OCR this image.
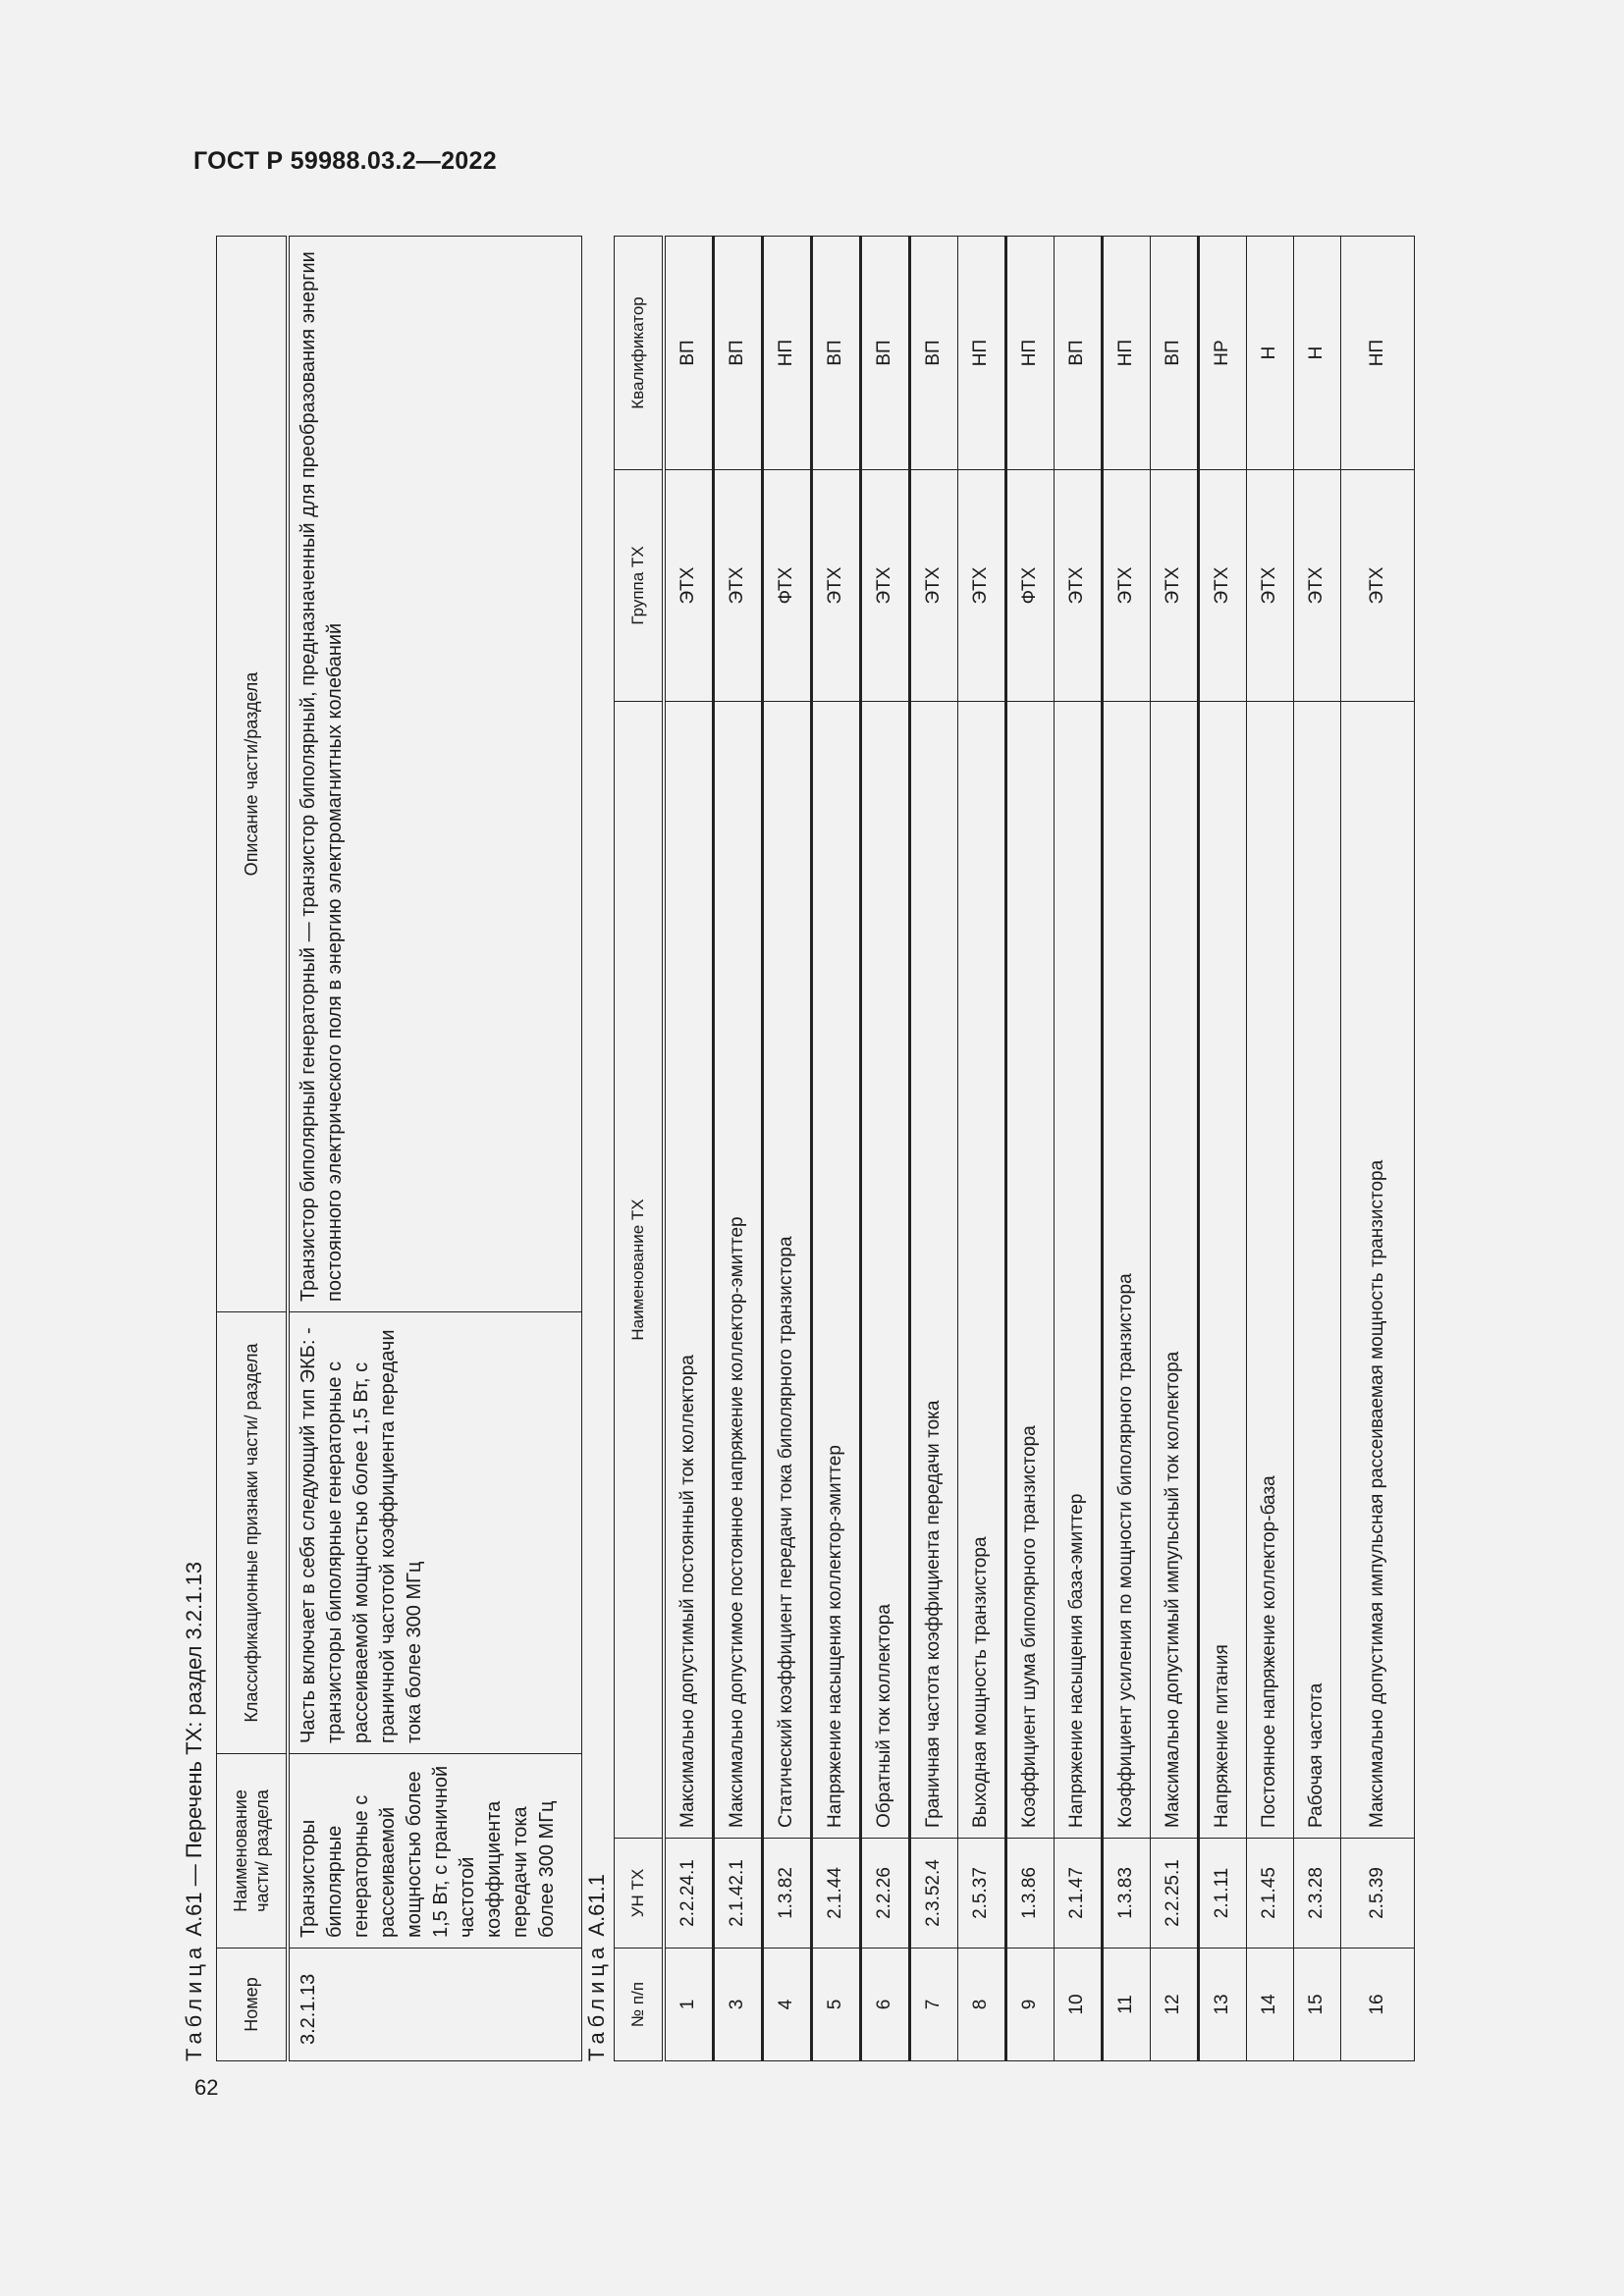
ГОСТ Р 59988.03.2—2022
62
Таблица А.61 — Перечень ТХ: раздел 3.2.1.13
Номер	Наименование части/ раздела	Классификационные признаки части/ раздела	Описание части/раздела
3.2.1.13	Транзисторы биполярные генераторные с рассеиваемой мощностью более 1,5 Вт, с граничной частотой коэффициента передачи тока более 300 МГц	Часть включает в себя следующий тип ЭКБ: - транзисторы биполярные генераторные с рассеиваемой мощностью более 1,5 Вт, с граничной частотой коэффициента передачи тока более 300 МГц	Транзистор биполярный генераторный — транзистор биполярный, предназначенный для преобразования энергии постоянного электрического поля в энергию электромагнитных колебаний
Таблица А.61.1
№ п/п	УН ТХ	Наименование ТХ	Группа ТХ	Квалификатор
1	2.2.24.1	Максимально допустимый постоянный ток коллектора	ЭТХ	ВП
3	2.1.42.1	Максимально допустимое постоянное напряжение коллектор-эмиттер	ЭТХ	ВП
4	1.3.82	Статический коэффициент передачи тока биполярного транзистора	ФТХ	НП
5	2.1.44	Напряжение насыщения коллектор-эмиттер	ЭТХ	ВП
6	2.2.26	Обратный ток коллектора	ЭТХ	ВП
7	2.3.52.4	Граничная частота коэффициента передачи тока	ЭТХ	ВП
8	2.5.37	Выходная мощность транзистора	ЭТХ	НП
9	1.3.86	Коэффициент шума биполярного транзистора	ФТХ	НП
10	2.1.47	Напряжение насыщения база-эмиттер	ЭТХ	ВП
11	1.3.83	Коэффициент усиления по мощности биполярного транзистора	ЭТХ	НП
12	2.2.25.1	Максимально допустимый импульсный ток коллектора	ЭТХ	ВП
13	2.1.11	Напряжение питания	ЭТХ	НР
14	2.1.45	Постоянное напряжение коллектор-база	ЭТХ	Н
15	2.3.28	Рабочая частота	ЭТХ	Н
16	2.5.39	Максимально допустимая импульсная рассеиваемая мощность транзистора	ЭТХ	НП
